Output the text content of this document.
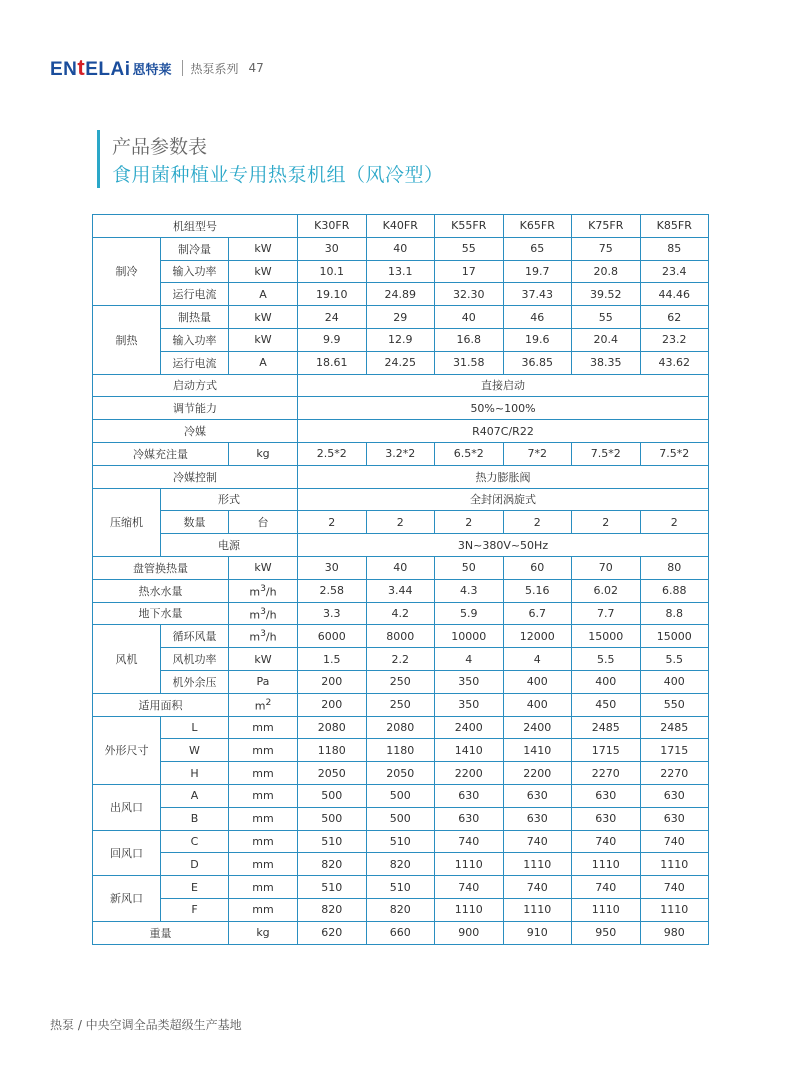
ENtELAi 恩特莱 热泵系列 47
产品参数表
食用菌种植业专用热泵机组（风冷型）
机组型号			K30FR	K40FR	K55FR	K65FR	K75FR	K85FR
制冷	制冷量	kW	30	40	55	65	75	85
	输入功率	kW	10.1	13.1	17	19.7	20.8	23.4
	运行电流	A	19.10	24.89	32.30	37.43	39.52	44.46
制热	制热量	kW	24	29	40	46	55	62
	输入功率	kW	9.9	12.9	16.8	19.6	20.4	23.2
	运行电流	A	18.61	24.25	31.58	36.85	38.35	43.62
启动方式			直接启动					
调节能力			50%~100%					
冷媒			R407C/R22					
冷媒充注量		kg	2.5*2	3.2*2	6.5*2	7*2	7.5*2	7.5*2
冷媒控制			热力膨胀阀					
压缩机	形式		全封闭涡旋式					
	数量	台	2	2	2	2	2	2
	电源		3N~380V~50Hz					
盘管换热量		kW	30	40	50	60	70	80
热水水量		$m^3/h$	2.58	3.44	4.3	5.16	6.02	6.88
地下水量		$m^3/h$	3.3	4.2	5.9	6.7	7.7	8.8
风机	循环风量	$m^3/h$	6000	8000	10000	12000	15000	15000
	风机功率	kW	1.5	2.2	4	4	5.5	5.5
	机外余压	Pa	200	250	350	400	400	400
适用面积		$m^2$	200	250	350	400	450	550
外形尺寸	L	mm	2080	2080	2400	2400	2485	2485
	W	mm	1180	1180	1410	1410	1715	1715
	H	mm	2050	2050	2200	2200	2270	2270
出风口	A	mm	500	500	630	630	630	630
	B	mm	500	500	630	630	630	630
回风口	C	mm	510	510	740	740	740	740
	D	mm	820	820	1110	1110	1110	1110
新风口	E	mm	510	510	740	740	740	740
	F	mm	820	820	1110	1110	1110	1110
重量		kg	620	660	900	910	950	980
热泵 / 中央空调全品类超级生产基地
